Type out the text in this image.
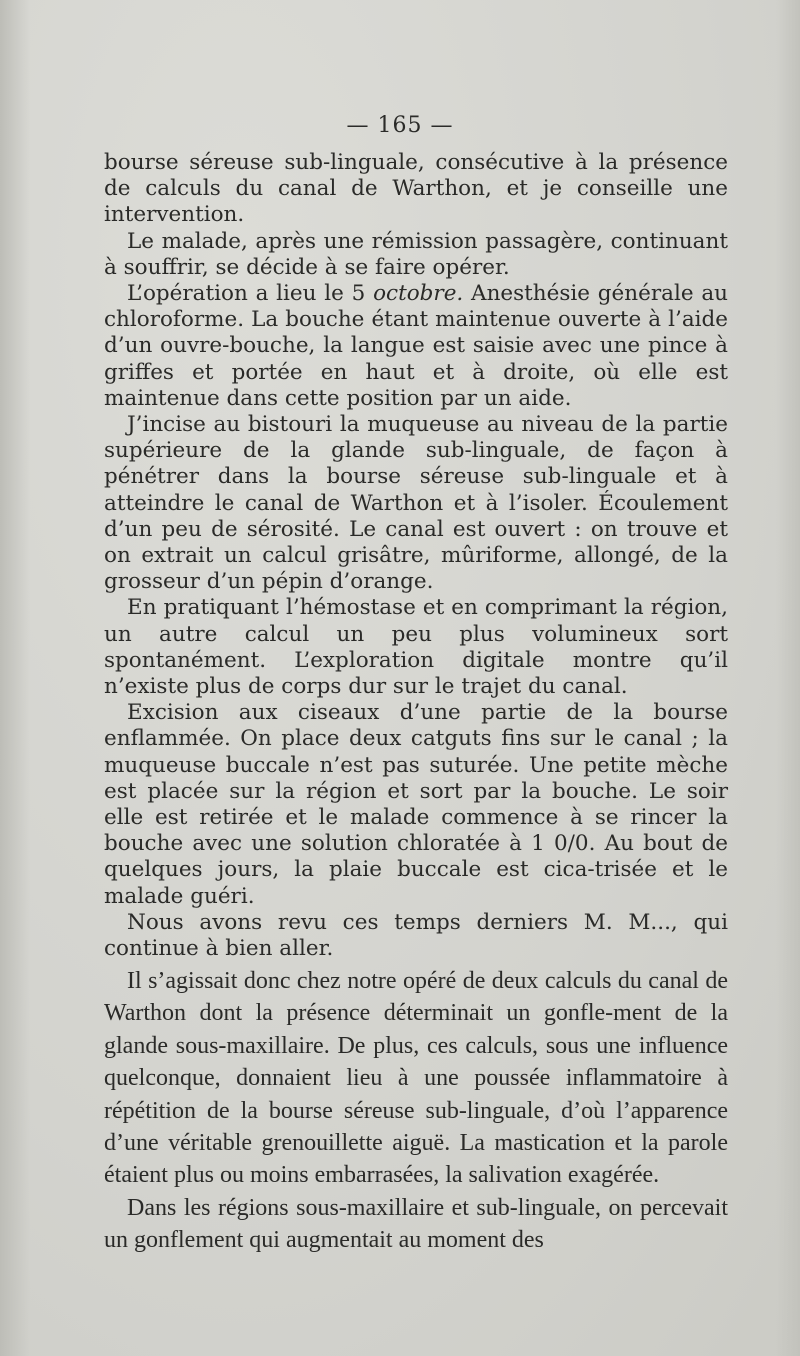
— 165 —

bourse séreuse sub-linguale, consécutive à la présence de calculs du canal de Warthon, et je conseille une intervention.

Le malade, après une rémission passagère, continuant à souffrir, se décide à se faire opérer.

L’opération a lieu le 5 octobre. Anesthésie générale au chloroforme. La bouche étant maintenue ouverte à l’aide d’un ouvre-bouche, la langue est saisie avec une pince à griffes et portée en haut et à droite, où elle est maintenue dans cette position par un aide.

J’incise au bistouri la muqueuse au niveau de la partie supérieure de la glande sub-linguale, de façon à pénétrer dans la bourse séreuse sub-linguale et à atteindre le canal de Warthon et à l’isoler. Écoulement d’un peu de sérosité. Le canal est ouvert : on trouve et on extrait un calcul grisâtre, mûriforme, allongé, de la grosseur d’un pépin d’orange.

En pratiquant l’hémostase et en comprimant la région, un autre calcul un peu plus volumineux sort spontanément. L’exploration digitale montre qu’il n’existe plus de corps dur sur le trajet du canal.

Excision aux ciseaux d’une partie de la bourse enflammée. On place deux catguts fins sur le canal ; la muqueuse buccale n’est pas suturée. Une petite mèche est placée sur la région et sort par la bouche. Le soir elle est retirée et le malade commence à se rincer la bouche avec une solution chloratée à 1 0/0. Au bout de quelques jours, la plaie buccale est cica-trisée et le malade guéri.

Nous avons revu ces temps derniers M. M..., qui continue à bien aller.

Il s’agissait donc chez notre opéré de deux calculs du canal de Warthon dont la présence déterminait un gonfle-ment de la glande sous-maxillaire. De plus, ces calculs, sous une influence quelconque, donnaient lieu à une poussée inflammatoire à répétition de la bourse séreuse sub-linguale, d’où l’apparence d’une véritable grenouillette aiguë. La mastication et la parole étaient plus ou moins embarrasées, la salivation exagérée.

Dans les régions sous-maxillaire et sub-linguale, on percevait un gonflement qui augmentait au moment des
